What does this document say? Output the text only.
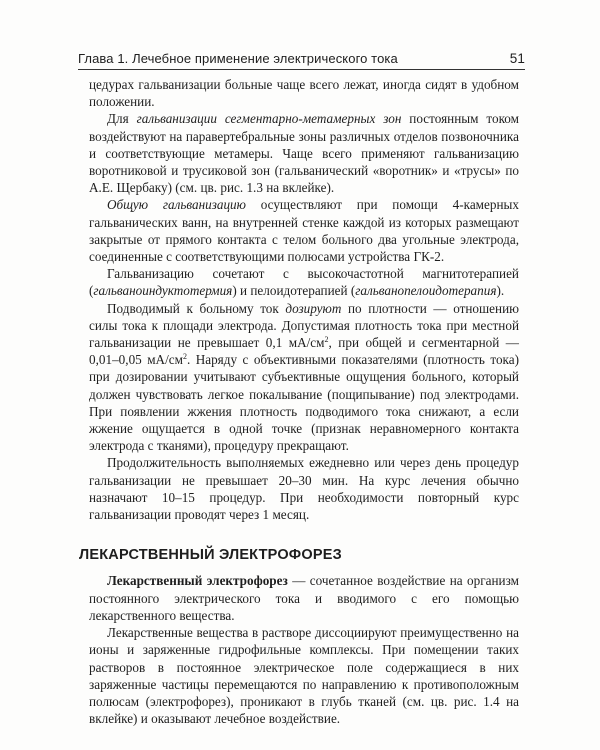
Глава 1. Лечебное применение электрического тока	51

цедурах гальванизации больные чаще всего лежат, иногда сидят в удобном положении.

Для гальванизации сегментарно-метамерных зон постоянным током воздействуют на паравертебральные зоны различных отделов позвоночника и соответствующие метамеры. Чаще всего применяют гальванизацию воротниковой и трусиковой зон (гальванический «воротник» и «трусы» по А.Е. Щербаку) (см. цв. рис. 1.3 на вклейке).

Общую гальванизацию осуществляют при помощи 4-камерных гальванических ванн, на внутренней стенке каждой из которых размещают закрытые от прямого контакта с телом больного два угольные электрода, соединенные с соответствующими полюсами устройства ГК-2.

Гальванизацию сочетают с высокочастотной магнитотерапией (гальваноиндуктотермия) и пелоидотерапией (гальванопелоидотерапия).

Подводимый к больному ток дозируют по плотности — отношению силы тока к площади электрода. Допустимая плотность тока при местной гальванизации не превышает 0,1 $мА/см^2$, при общей и сегментарной — 0,01–0,05 $мА/см^2$. Наряду с объективными показателями (плотность тока) при дозировании учитывают субъективные ощущения больного, который должен чувствовать легкое покалывание (пощипывание) под электродами. При появлении жжения плотность подводимого тока снижают, а если жжение ощущается в одной точке (признак неравномерного контакта электрода с тканями), процедуру прекращают.

Продолжительность выполняемых ежедневно или через день процедур гальванизации не превышает 20–30 мин. На курс лечения обычно назначают 10–15 процедур. При необходимости повторный курс гальванизации проводят через 1 месяц.

ЛЕКАРСТВЕННЫЙ ЭЛЕКТРОФОРЕЗ

Лекарственный электрофорез — сочетанное воздействие на организм постоянного электрического тока и вводимого с его помощью лекарственного вещества.

Лекарственные вещества в растворе диссоциируют преимущественно на ионы и заряженные гидрофильные комплексы. При помещении таких растворов в постоянное электрическое поле содержащиеся в них заряженные частицы перемещаются по направлению к противоположным полюсам (электрофорез), проникают в глубь тканей (см. цв. рис. 1.4 на вклейке) и оказывают лечебное воздействие.
